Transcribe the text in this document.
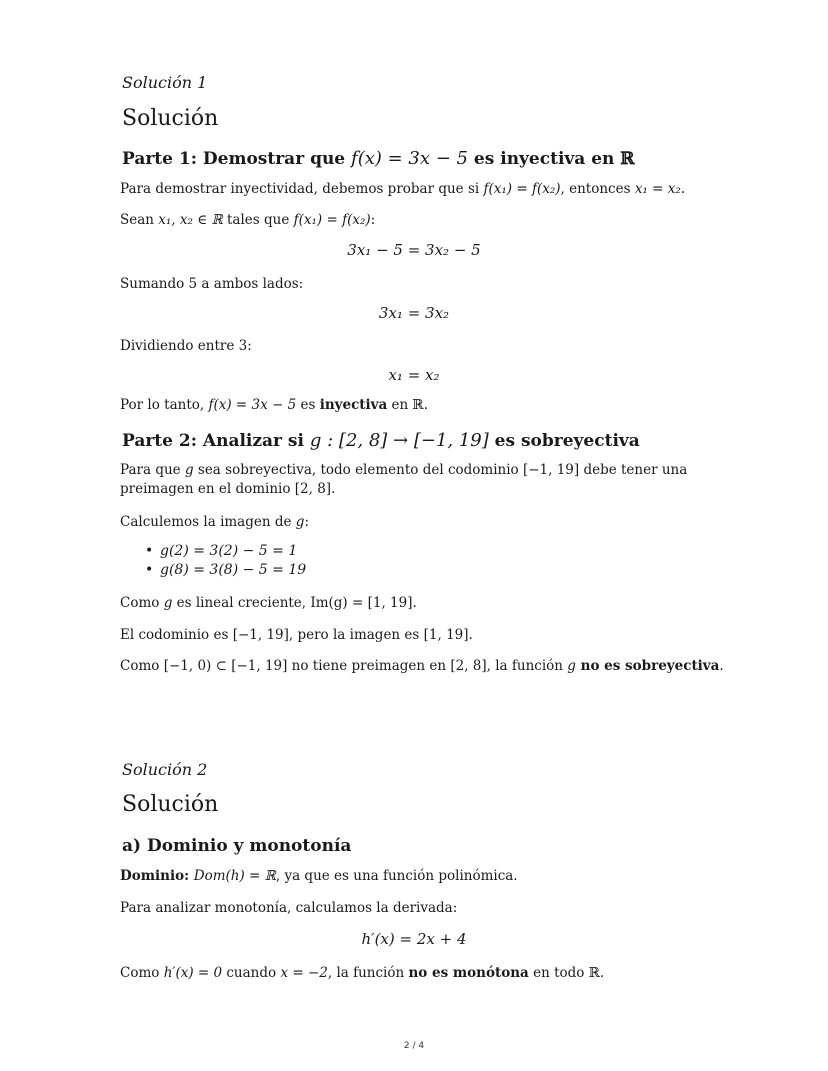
Solución 1
Solución
Parte 1: Demostrar que f(x) = 3x − 5 es inyectiva en ℝ
Para demostrar inyectividad, debemos probar que si f(x₁) = f(x₂), entonces x₁ = x₂.
Sean x₁, x₂ ∈ ℝ tales que f(x₁) = f(x₂):
3x₁ − 5 = 3x₂ − 5
Sumando 5 a ambos lados:
3x₁ = 3x₂
Dividiendo entre 3:
x₁ = x₂
Por lo tanto, f(x) = 3x − 5 es inyectiva en ℝ.
Parte 2: Analizar si g : [2, 8] → [−1, 19] es sobreyectiva
Para que g sea sobreyectiva, todo elemento del codominio [−1, 19] debe tener una
preimagen en el dominio [2, 8].
Calculemos la imagen de g:
• g(2) = 3(2) − 5 = 1
• g(8) = 3(8) − 5 = 19
Como g es lineal creciente, Im(g) = [1, 19].
El codominio es [−1, 19], pero la imagen es [1, 19].
Como [−1, 0) ⊂ [−1, 19] no tiene preimagen en [2, 8], la función g no es sobreyectiva.
Solución 2
Solución
a) Dominio y monotonía
Dominio: Dom(h) = ℝ, ya que es una función polinómica.
Para analizar monotonía, calculamos la derivada:
h′(x) = 2x + 4
Como h′(x) = 0 cuando x = −2, la función no es monótona en todo ℝ.
2 / 4
